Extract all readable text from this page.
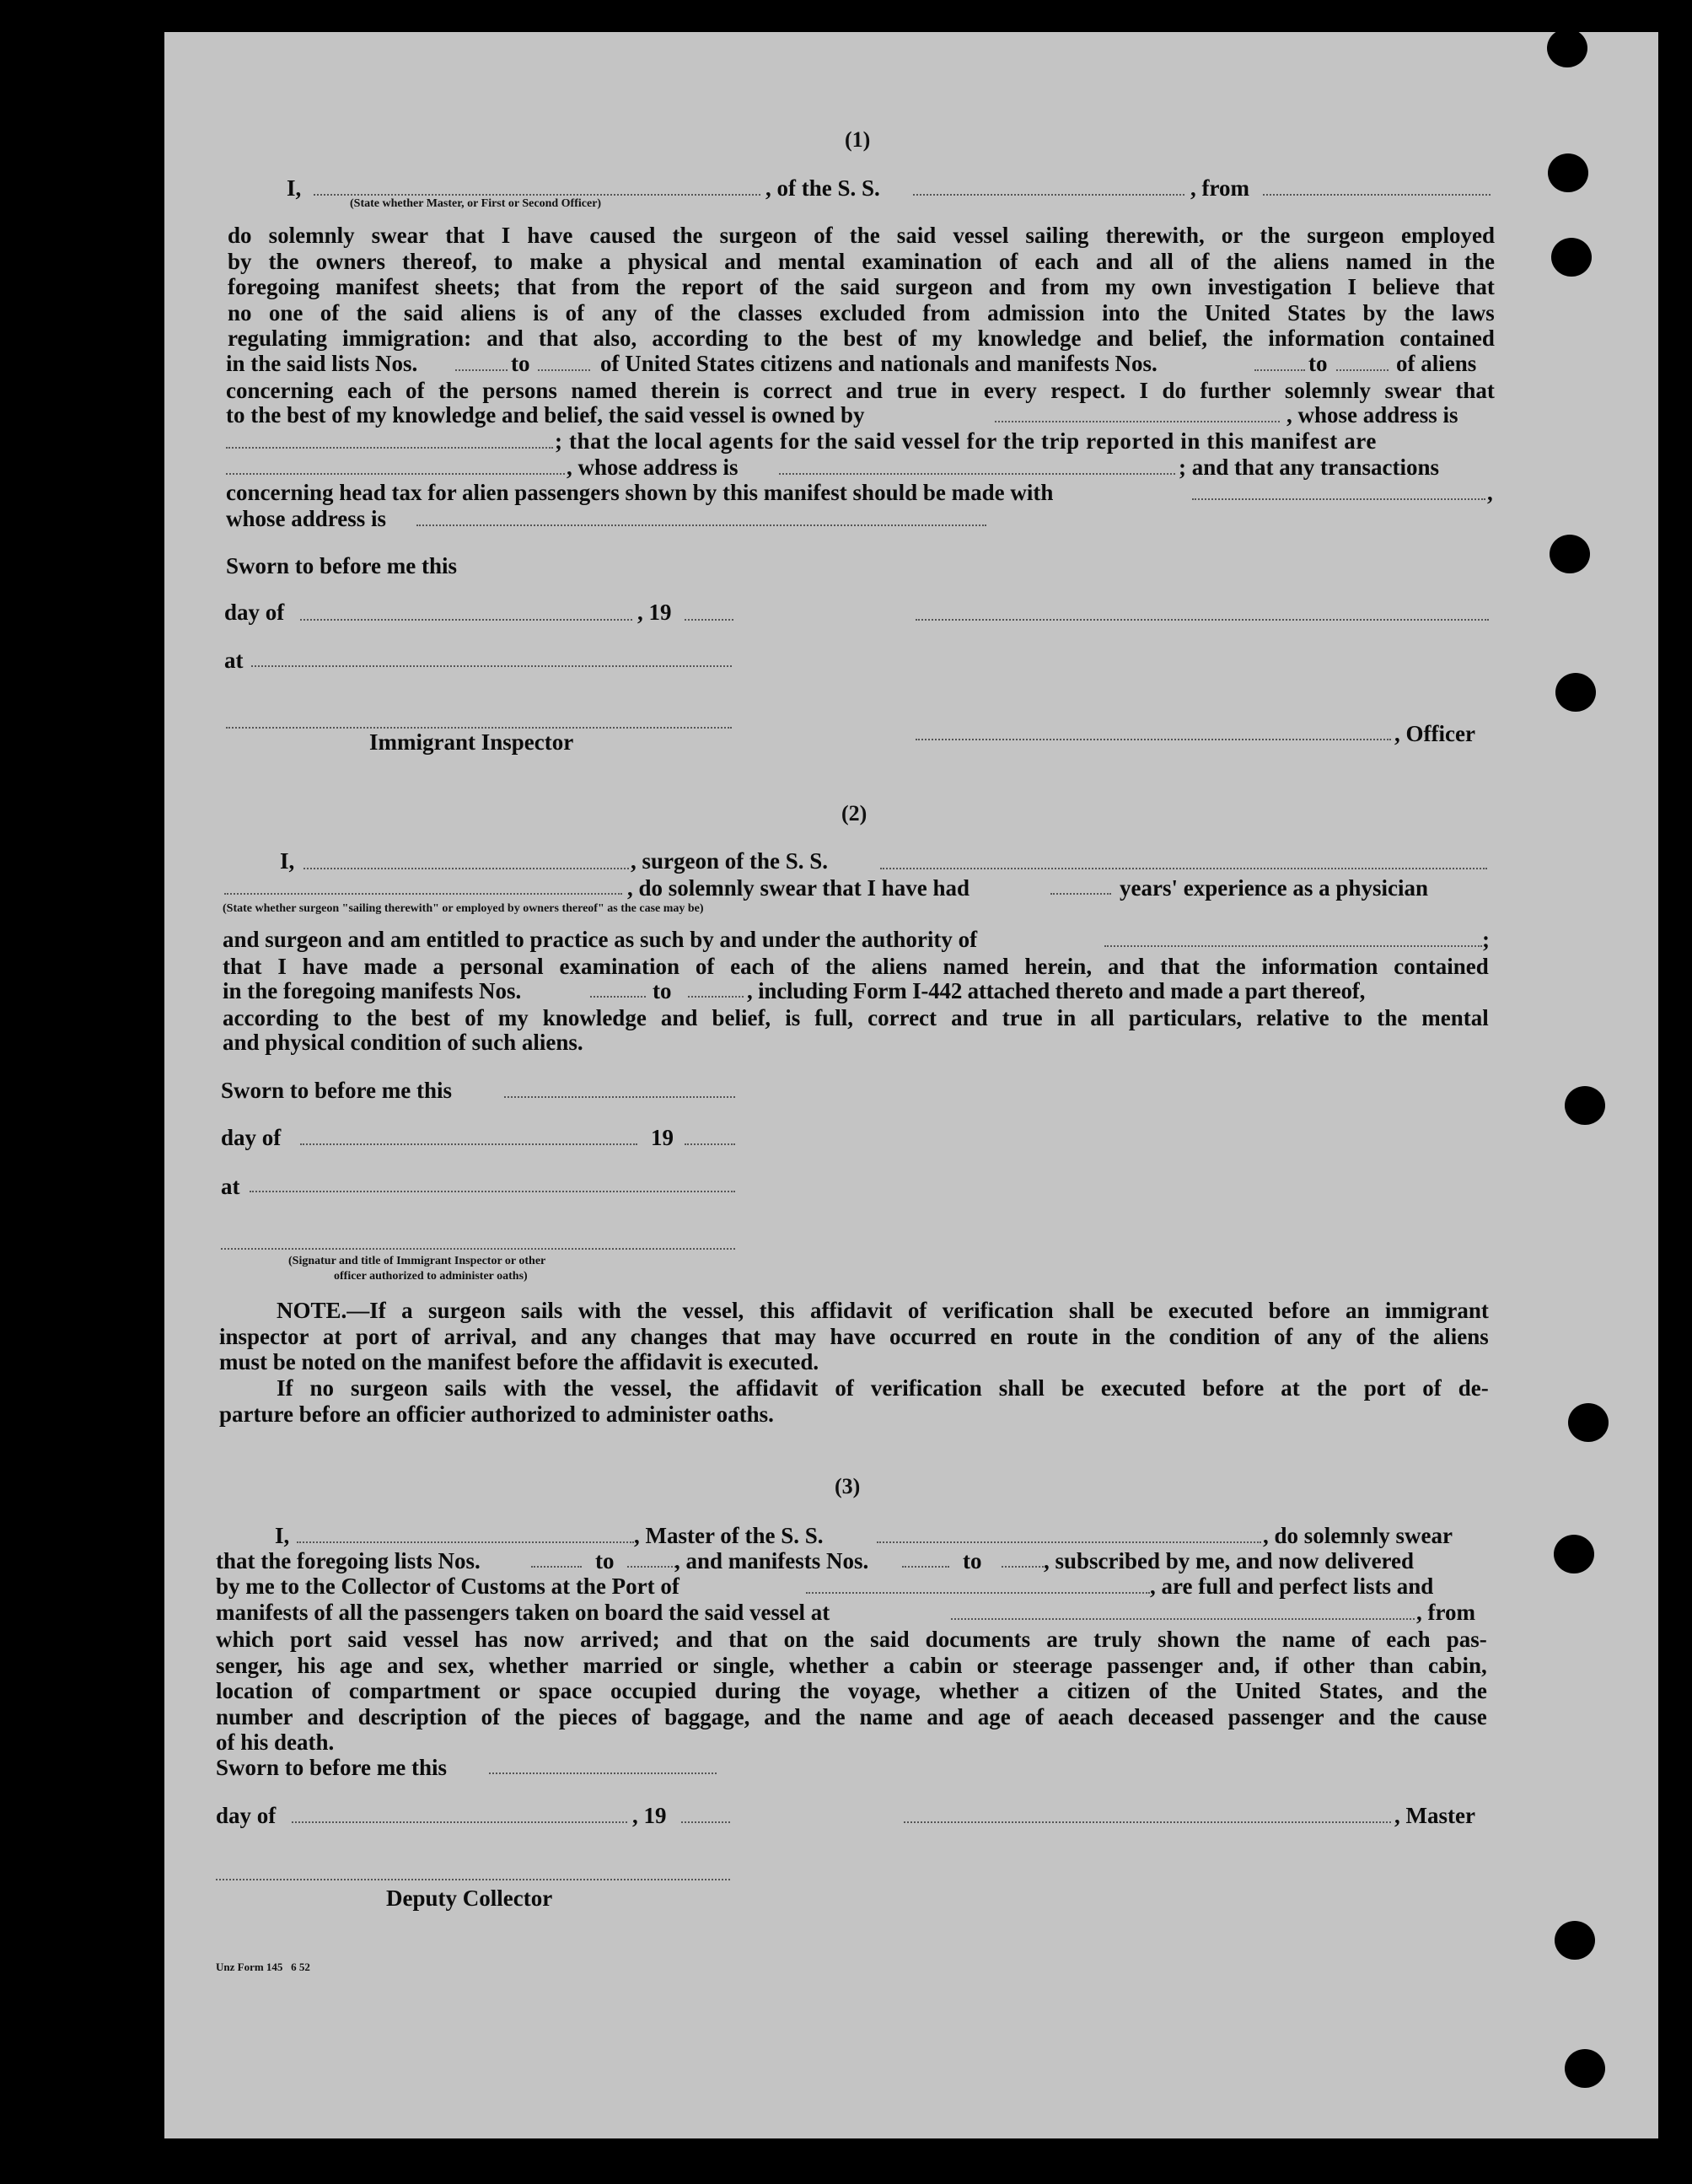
(1)
I,
(State whether Master, or First or Second Officer)
, of the S. S.	, from
do solemnly swear that I have caused the surgeon of the said vessel sailing therewith, or the surgeon employed
by the owners thereof, to make a physical and mental examination of each and all of the aliens named in the
foregoing manifest sheets; that from the report of the said surgeon and from my own investigation I believe that
no one of the said aliens is of any of the classes excluded from admission into the United States by the laws
regulating immigration: and that also, according to the best of my knowledge and belief, the information contained
in the said lists Nos.	to	of United States citizens and nationals and manifests Nos.	to	of aliens
concerning each of the persons named therein is correct and true in every respect. I do further solemnly swear that
to the best of my knowledge and belief, the said vessel is owned by	, whose address is
; that the local agents for the said vessel for the trip reported in this manifest are
, whose address is	; and that any transactions
concerning head tax for alien passengers shown by this manifest should be made with	,
whose address is
Sworn to before me this
day of	, 19
at
Immigrant Inspector	, Officer
(2)
I,	, surgeon of the S. S.
, do solemnly swear that I have had	years' experience as a physician
(State whether surgeon "sailing therewith" or employed by owners thereof" as the case may be)
and surgeon and am entitled to practice as such by and under the authority of	;
that I have made a personal examination of each of the aliens named herein, and that the information contained
in the foregoing manifests Nos.	to	, including Form I-442 attached thereto and made a part thereof,
according to the best of my knowledge and belief, is full, correct and true in all particulars, relative to the mental
and physical condition of such aliens.
Sworn to before me this
day of	19
at
(Signatur and title of Immigrant Inspector or other
officer authorized to administer oaths)
NOTE.—If a surgeon sails with the vessel, this affidavit of verification shall be executed before an immigrant
inspector at port of arrival, and any changes that may have occurred en route in the condition of any of the aliens
must be noted on the manifest before the affidavit is executed.
If no surgeon sails with the vessel, the affidavit of verification shall be executed before at the port of de-
parture before an officier authorized to administer oaths.
(3)
I,	, Master of the S. S.	, do solemnly swear
that the foregoing lists Nos.	to	, and manifests Nos.	to	, subscribed by me, and now delivered
by me to the Collector of Customs at the Port of	, are full and perfect lists and
manifests of all the passengers taken on board the said vessel at	, from
which port said vessel has now arrived; and that on the said documents are truly shown the name of each pas-
senger, his age and sex, whether married or single, whether a cabin or steerage passenger and, if other than cabin,
location of compartment or space occupied during the voyage, whether a citizen of the United States, and the
number and description of the pieces of baggage, and the name and age of aeach deceased passenger and the cause
of his death.
Sworn to before me this
day of	, 19	, Master
Deputy Collector
Unz Form 145   6 52
